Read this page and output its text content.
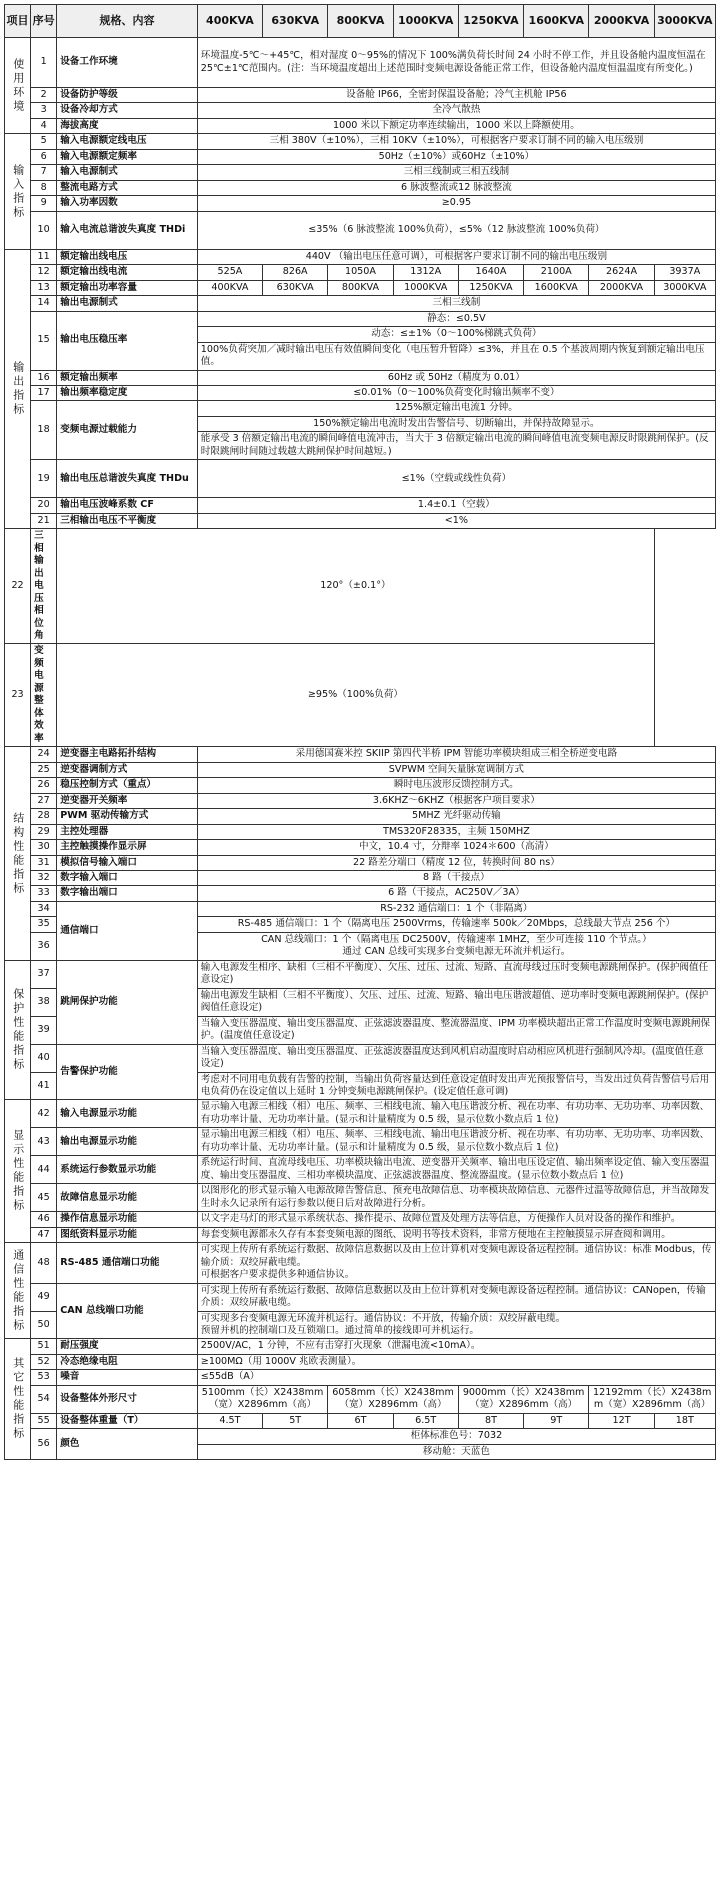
项目	序号	规格、内容	400KVA	630KVA	800KVA	1000KVA	1250KVA	1600KVA	2000KVA	3000KVA
使用环境	1	设备工作环境	环境温度-5℃～+45℃，相对湿度 0～95%的情况下 100%满负荷长时间 24 小时不停工作，并且设备舱内温度恒温在 25℃±1℃范围内。(注：当环境温度超出上述范围时变频电源设备能正常工作，但设备舱内温度恒温温度有所变化。)							
	2	设备防护等级	设备舱 IP66，全密封保温设备舱；冷气主机舱 IP56							
	3	设备冷却方式	全冷气散热							
	4	海拔高度	1000 米以下额定功率连续输出，1000 米以上降额使用。							
输入指标	5	输入电源额定线电压	三相 380V（±10%），三相 10KV（±10%），可根据客户要求订制不同的输入电压级别							
	6	输入电源额定频率	50Hz（±10%）或60Hz（±10%）							
	7	输入电源制式	三相三线制或三相五线制							
	8	整流电路方式	6 脉波整流或12 脉波整流							
	9	输入功率因数	≥0.95							
	10	输入电流总谐波失真度 THDi	≤35%（6 脉波整流 100%负荷），≤5%（12 脉波整流 100%负荷）							
输出指标	11	额定输出线电压	440V （输出电压任意可调），可根据客户要求订制不同的输出电压级别							
	12	额定输出线电流	525A	826A	1050A	1312A	1640A	2100A	2624A	3937A
	13	额定输出功率容量	400KVA	630KVA	800KVA	1000KVA	1250KVA	1600KVA	2000KVA	3000KVA
	14	输出电源制式	三相三线制							
	15	输出电压稳压率	静态：≤0.5V							
			动态：≤±1%（0～100%梯跳式负荷）							
			100%负荷突加／减时输出电压有效值瞬间变化（电压暂升暂降）≤3%，并且在 0.5 个基波周期内恢复到额定输出电压值。							
	16	额定输出频率	60Hz 或 50Hz（精度为 0.01）							
	17	输出频率稳定度	≤0.01%（0～100%负荷变化时输出频率不变）							
	18	变频电源过载能力	125%额定输出电流1 分钟。							
			150%额定输出电流时发出告警信号、切断输出，并保持故障显示。							
			能承受 3 倍额定输出电流的瞬间峰值电流冲击，当大于 3 倍额定输出电流的瞬间峰值电流变频电源反时限跳闸保护。(反时限跳闸时间随过载越大跳闸保护时间越短。)							
	19	输出电压总谐波失真度 THDu	≤1%（空载或线性负荷）							
	20	输出电压波峰系数 CF	1.4±0.1（空载）							
	21	三相输出电压不平衡度	<1%							
22	三相输出电压相位角	120°（±0.1°）								
23	变频电源整体效率	≥95%（100%负荷）								
结构性能指标	24	逆变器主电路拓扑结构	采用德国赛米控 SKIIP 第四代半桥 IPM 智能功率模块组成三相全桥逆变电路							
	25	逆变器调制方式	SVPWM 空间矢量脉宽调制方式							
	26	稳压控制方式（重点）	瞬时电压波形反馈控制方式。							
	27	逆变器开关频率	3.6KHZ～6KHZ（根据客户项目要求）							
	28	PWM 驱动传输方式	5MHZ 光纤驱动传输							
	29	主控处理器	TMS320F28335，主频 150MHZ							
	30	主控触摸操作显示屏	中文，10.4 寸，分辩率 1024＊600（高清）							
	31	模拟信号输入端口	22 路差分端口（精度 12 位，转换时间 80 ns）							
	32	数字输入端口	8 路（干接点）							
	33	数字输出端口	6 路（干接点，AC250V／3A）							
	34	通信端口	RS-232 通信端口：1 个（非隔离）							
	35		RS-485 通信端口：1 个（隔离电压 2500Vrms，传输速率 500k／20Mbps，总线最大节点 256 个）							
	36		CAN 总线端口：1 个（隔离电压 DC2500V，传输速率 1MHZ，至少可连接 110 个节点。）
通过 CAN 总线可实现多台变频电源无环流并机运行。							

保护性能指标	37	跳闸保护功能	输入电源发生相序、缺相（三相不平衡度）、欠压、过压、过流、短路、直流母线过压时变频电源跳闸保护。(保护阀值任意设定)							
	38		输出电源发生缺相（三相不平衡度）、欠压、过压、过流、短路、输出电压谐波超值、逆功率时变频电源跳闸保护。(保护阀值任意设定)							
	39		当输入变压器温度、输出变压器温度、正弦滤波器温度、整流器温度、IPM 功率模块超出正常工作温度时变频电源跳闸保护。(温度值任意设定)							
	40	告警保护功能	当输入变压器温度、输出变压器温度、正弦滤波器温度达到风机启动温度时启动相应风机进行强制风冷却。(温度值任意设定)							
	41		考虑对不同用电负载有告警的控制，当输出负荷容量达到任意设定值时发出声光预报警信号，当发出过负荷告警信号后用电负荷仍在设定值以上延时 1 分钟变频电源跳闸保护。(设定值任意可调)							
显示性能指标	42	输入电源显示功能	显示输入电源三相线（相）电压、频率、三相线电流、输入电压谐波分析、视在功率、有功功率、无功功率、功率因数、有功功率计量、无功功率计量。(显示和计量精度为 0.5 级，显示位数小数点后 1 位)							
	43	输出电源显示功能	显示输出电源三相线（相）电压、频率、三相线电流、输出电压谐波分析、视在功率、有功功率、无功功率、功率因数、有功功率计量、无功功率计量。(显示和计量精度为 0.5 级，显示位数小数点后 1 位)							
	44	系统运行参数显示功能	系统运行时间、直流母线电压、功率模块输出电流、逆变器开关频率、输出电压设定值、输出频率设定值、输入变压器温度、输出变压器温度、三相功率模块温度、正弦滤波器温度、整流器温度。(显示位数小数点后 1 位)							
	45	故障信息显示功能	以图形化的形式显示输入电源故障告警信息、预充电故障信息、功率模块故障信息、元器件过温等故障信息，并当故障发生时永久记录所有运行参数以便日后对故障进行分析。							
	46	操作信息显示功能	以文字走马灯的形式显示系统状态、操作提示、故障位置及处理方法等信息，方便操作人员对设备的操作和维护。							
	47	图纸资料显示功能	每套变频电源都永久存有本套变频电源的图纸、说明书等技术资料，非常方便地在主控触摸显示屏查阅和调用。							
通信性能指标	48	RS-485 通信端口功能	可实现上传所有系统运行数据、故障信息数据以及由上位计算机对变频电源设备远程控制。通信协议：标准 Modbus，传输介质：双绞屏蔽电缆。
可根据客户要求提供多种通信协议。							

	49	CAN 总线端口功能	可实现上传所有系统运行数据、故障信息数据以及由上位计算机对变频电源设备远程控制。通信协议：CANopen，传输介质：双绞屏蔽电缆。							
	50		可实现多台变频电源无环流并机运行。通信协议：不开放，传输介质：双绞屏蔽电缆。
预留并机的控制端口及互锁端口。通过简单的接线即可并机运行。							

其它性能指标	51	耐压强度	2500V/AC，1 分钟，不应有击穿打火现象（泄漏电流<10mA）。							
	52	冷态绝缘电阻	≥100MΩ（用 1000V 兆欧表测量）。							
	53	噪音	≤55dB（A）							
	54	设备整体外形尺寸	5100mm（长）X2438mm（宽）X2896mm（高）		6058mm（长）X2438mm（宽）X2896mm（高）		9000mm（长）X2438mm（宽）X2896mm（高）		12192mm（长）X2438mm（宽）X2896mm（高）	
	55	设备整体重量（T）	4.5T	5T	6T	6.5T	8T	9T	12T	18T
	56	颜色	柜体标准色号：7032							
			移动舱：天蓝色							
